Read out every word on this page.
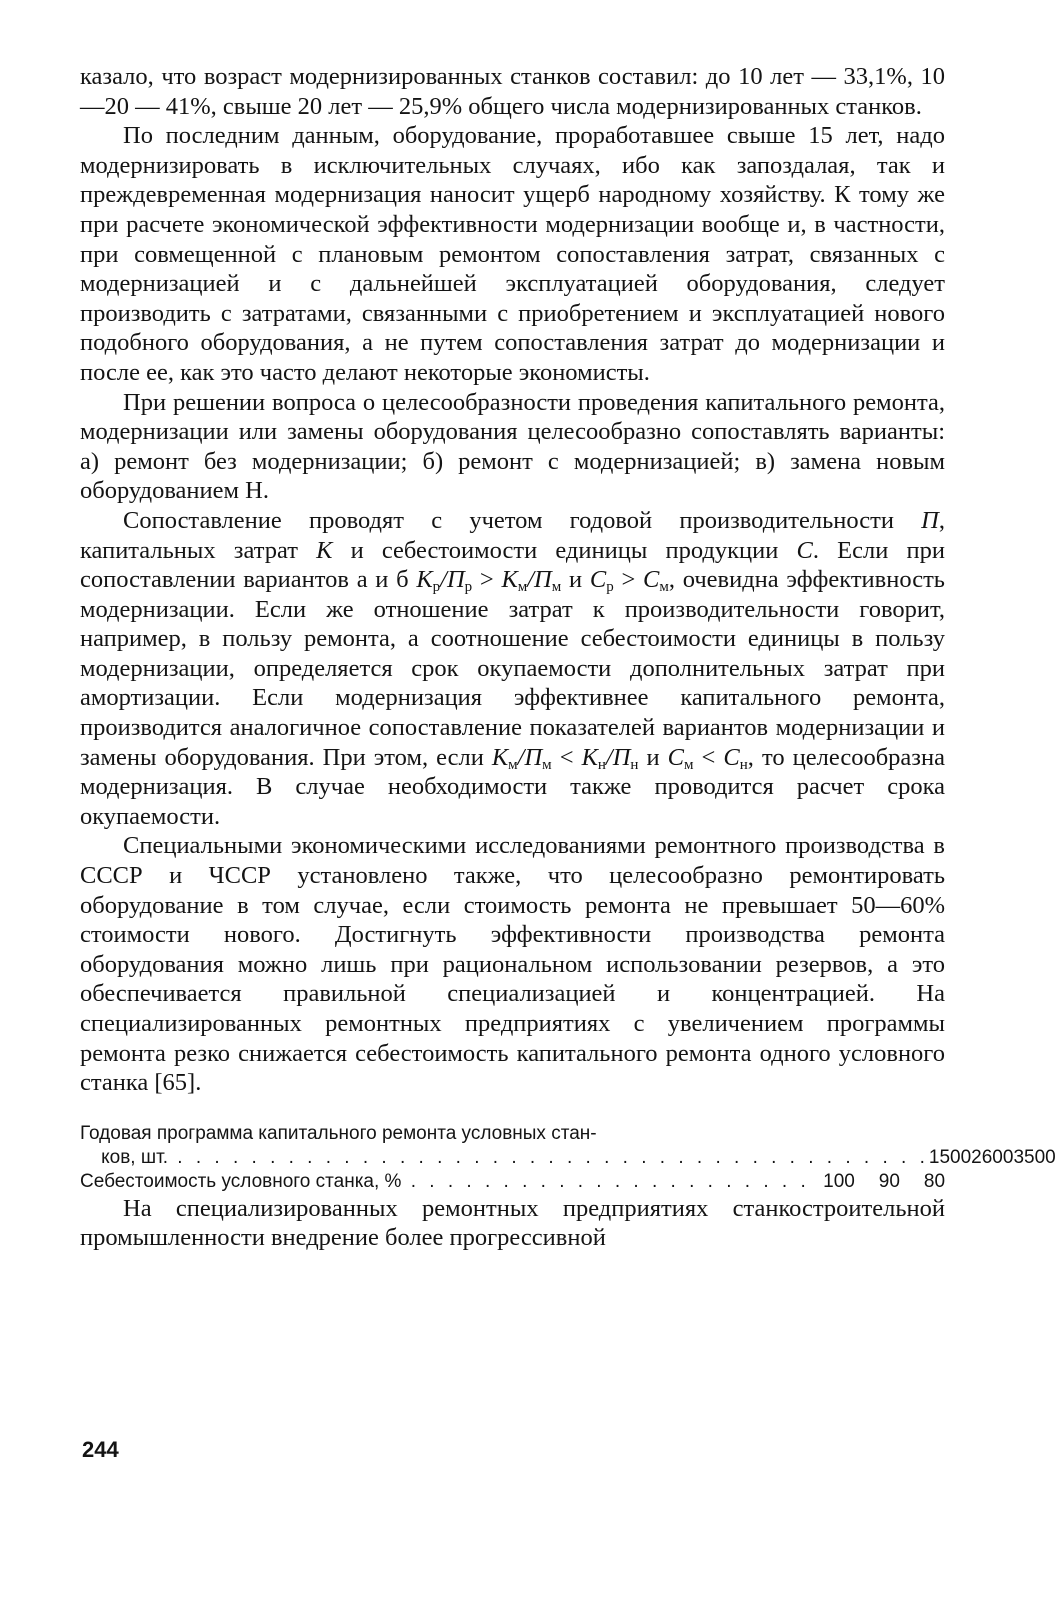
казало, что возраст модернизированных станков составил: до 10 лет — 33,1%, 10—20 — 41%, свыше 20 лет — 25,9% общего числа модернизированных станков.

По последним данным, оборудование, проработавшее свыше 15 лет, надо модернизировать в исключительных случаях, ибо как запоздалая, так и преждевременная модернизация наносит ущерб народному хозяйству. К тому же при расчете экономической эффективности модернизации вообще и, в частности, при совмещенной с плановым ремонтом сопоставления затрат, связанных с модернизацией и с дальнейшей эксплуатацией оборудования, следует производить с затратами, связанными с приобретением и эксплуатацией нового подобного оборудования, а не путем сопоставления затрат до модернизации и после ее, как это часто делают некоторые экономисты.

При решении вопроса о целесообразности проведения капитального ремонта, модернизации или замены оборудования целесообразно сопоставлять варианты: а) ремонт без модернизации; б) ремонт с модернизацией; в) замена новым оборудованием Н.

Сопоставление проводят с учетом годовой производительности П, капитальных затрат К и себестоимости единицы продукции С. Если при сопоставлении вариантов а и б $К_р/П_р > К_м/П_м$ и $С_р > С_м$, очевидна эффективность модернизации. Если же отношение затрат к производительности говорит, например, в пользу ремонта, а соотношение себестоимости единицы в пользу модернизации, определяется срок окупаемости дополнительных затрат при амортизации. Если модернизация эффективнее капитального ремонта, производится аналогичное сопоставление показателей вариантов модернизации и замены оборудования. При этом, если $К_м/П_м < К_н/П_н$ и $С_м < С_н$, то целесообразна модернизация. В случае необходимости также проводится расчет срока окупаемости.

Специальными экономическими исследованиями ремонтного производства в СССР и ЧССР установлено также, что целесообразно ремонтировать оборудование в том случае, если стоимость ремонта не превышает 50—60% стоимости нового. Достигнуть эффективности производства ремонта оборудования можно лишь при рациональном использовании резервов, а это обеспечивается правильной специализацией и концентрацией. На специализированных ремонтных предприятиях с увеличением программы ремонта резко снижается себестоимость капитального ремонта одного условного станка [65].

Годовая программа капитального ремонта условных стан-
ков, шт. . . . . . . . . . . . . . . . . . . . . . . . . . . . . . . . . . . . . . . . . . 1500 2600 3500
Себестоимость условного станка, % . . . . . . . . . . . . . . . . . . . . . . 100	90	80

На специализированных ремонтных предприятиях станкостроительной промышленности внедрение более прогрессивной

244
